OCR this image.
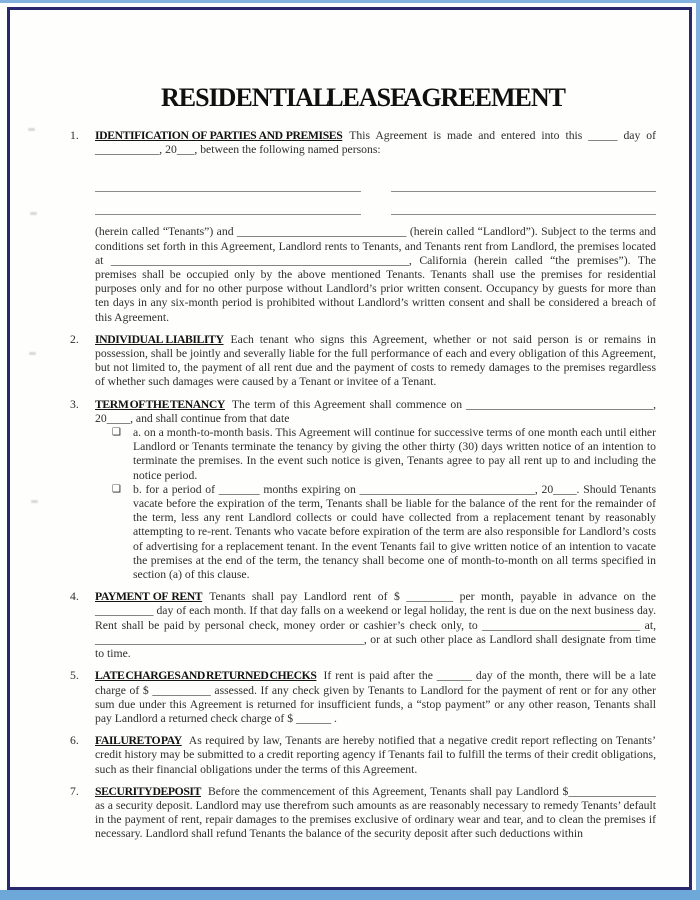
RESIDENTIAL LEASE AGREEMENT
1.	IDENTIFICATION OF PARTIES AND PREMISES This Agreement is made and entered into this _____ day of ___________, 20___, between the following named persons:

(herein called “Tenants”) and _____________________________ (herein called “Landlord”). Subject to the terms and conditions set forth in this Agreement, Landlord rents to Tenants, and Tenants rent from Landlord, the premises located at ___________________________________________________, California (herein called “the premises”). The premises shall be occupied only by the above mentioned Tenants. Tenants shall use the premises for residential purposes only and for no other purpose without Landlord’s prior written consent. Occupancy by guests for more than ten days in any six-month period is prohibited without Landlord’s written consent and shall be considered a breach of this Agreement.

2.	INDIVIDUAL LIABILITY Each tenant who signs this Agreement, whether or not said person is or remains in possession, shall be jointly and severally liable for the full performance of each and every obligation of this Agreement, but not limited to, the payment of all rent due and the payment of costs to remedy damages to the premises regardless of whether such damages were caused by a Tenant or invitee of a Tenant.

3.	TERM OF THE TENANCY The term of this Agreement shall commence on ________________________________, 20____, and shall continue from that date

❑	a. on a month-to-month basis. This Agreement will continue for successive terms of one month each until either Landlord or Tenants terminate the tenancy by giving the other thirty (30) days written notice of an intention to terminate the premises. In the event such notice is given, Tenants agree to pay all rent up to and including the notice period.
❑	b. for a period of _______ months expiring on ______________________________, 20____. Should Tenants vacate before the expiration of the term, Tenants shall be liable for the balance of the rent for the remainder of the term, less any rent Landlord collects or could have collected from a replacement tenant by reasonably attempting to re-rent. Tenants who vacate before expiration of the term are also responsible for Landlord’s costs of advertising for a replacement tenant. In the event Tenants fail to give written notice of an intention to vacate the premises at the end of the term, the tenancy shall become one of month-to-month on all terms specified in section (a) of this clause.
4.	PAYMENT OF RENT Tenants shall pay Landlord rent of $ ________ per month, payable in advance on the __________ day of each month. If that day falls on a weekend or legal holiday, the rent is due on the next business day. Rent shall be paid by personal check, money order or cashier’s check only, to ___________________________ at, ______________________________________________, or at such other place as Landlord shall designate from time to time.

5.	LATE CHARGES AND RETURNED CHECKS If rent is paid after the ______ day of the month, there will be a late charge of $ __________ assessed. If any check given by Tenants to Landlord for the payment of rent or for any other sum due under this Agreement is returned for insufficient funds, a “stop payment” or any other reason, Tenants shall pay Landlord a returned check charge of $ ______ .

6.	FAILURE TO PAY As required by law, Tenants are hereby notified that a negative credit report reflecting on Tenants’ credit history may be submitted to a credit reporting agency if Tenants fail to fulfill the terms of their credit obligations, such as their financial obligations under the terms of this Agreement.

7.	SECURITY DEPOSIT Before the commencement of this Agreement, Tenants shall pay Landlord $_______________ as a security deposit. Landlord may use therefrom such amounts as are reasonably necessary to remedy Tenants’ default in the payment of rent, repair damages to the premises exclusive of ordinary wear and tear, and to clean the premises if necessary. Landlord shall refund Tenants the balance of the security deposit after such deductions within
